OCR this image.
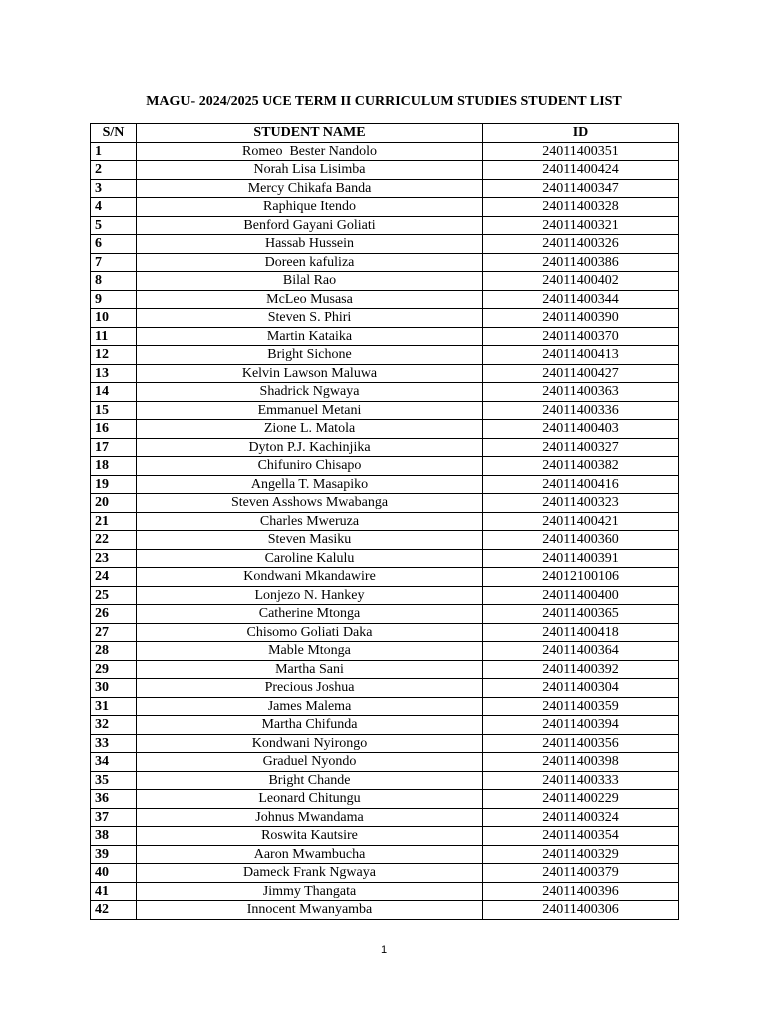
MAGU- 2024/2025 UCE TERM II CURRICULUM STUDIES STUDENT LIST
S/N	STUDENT NAME	ID
1	Romeo  Bester Nandolo	24011400351
2	Norah Lisa Lisimba	24011400424
3	Mercy Chikafa Banda	24011400347
4	Raphique Itendo	24011400328
5	Benford Gayani Goliati	24011400321
6	Hassab Hussein	24011400326
7	Doreen kafuliza	24011400386
8	Bilal Rao	24011400402
9	McLeo Musasa	24011400344
10	Steven S. Phiri	24011400390
11	Martin Kataika	24011400370
12	Bright Sichone	24011400413
13	Kelvin Lawson Maluwa	24011400427
14	Shadrick Ngwaya	24011400363
15	Emmanuel Metani	24011400336
16	Zione L. Matola	24011400403
17	Dyton P.J. Kachinjika	24011400327
18	Chifuniro Chisapo	24011400382
19	Angella T. Masapiko	24011400416
20	Steven Asshows Mwabanga	24011400323
21	Charles Mweruza	24011400421
22	Steven Masiku	24011400360
23	Caroline Kalulu	24011400391
24	Kondwani Mkandawire	24012100106
25	Lonjezo N. Hankey	24011400400
26	Catherine Mtonga	24011400365
27	Chisomo Goliati Daka	24011400418
28	Mable Mtonga	24011400364
29	Martha Sani	24011400392
30	Precious Joshua	24011400304
31	James Malema	24011400359
32	Martha Chifunda	24011400394
33	Kondwani Nyirongo	24011400356
34	Graduel Nyondo	24011400398
35	Bright Chande	24011400333
36	Leonard Chitungu	24011400229
37	Johnus Mwandama	24011400324
38	Roswita Kautsire	24011400354
39	Aaron Mwambucha	24011400329
40	Dameck Frank Ngwaya	24011400379
41	Jimmy Thangata	24011400396
42	Innocent Mwanyamba	24011400306
1
